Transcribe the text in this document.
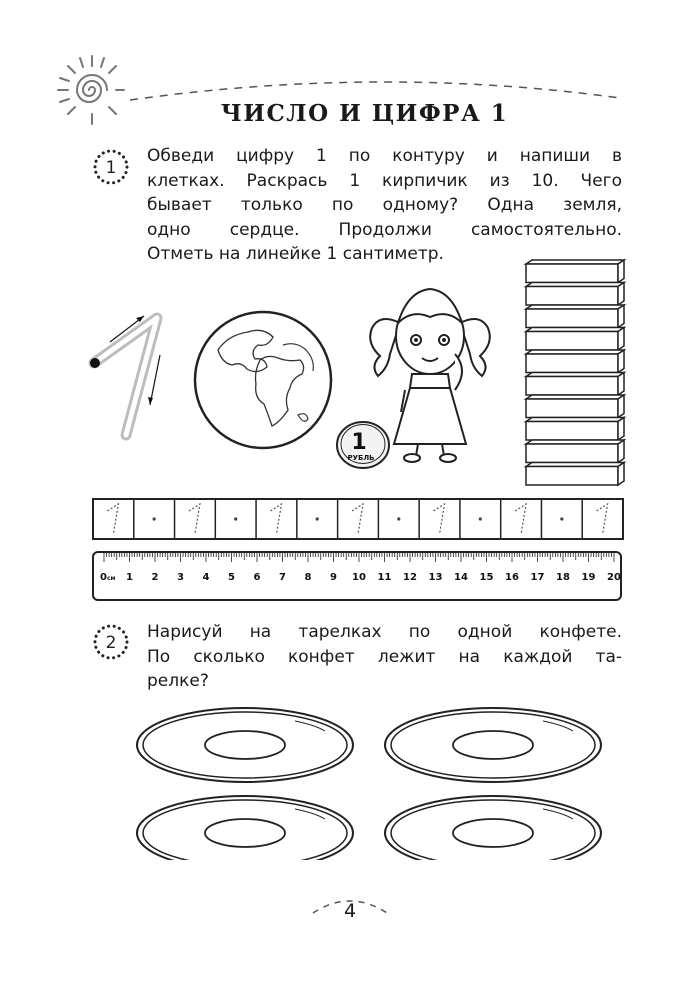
ЧИСЛО И ЦИФРА 1
1
Обведи цифру 1 по контуру и напиши в
клетках. Раскрась 1 кирпичик из 10. Чего
бывает только по одному? Одна земля,
одно сердце. Продолжи самостоятельно.
Отметь на линейке 1 сантиметр.
1
РУБЛЬ
0 см 1 2 3 4 5 6 7 8 9 10 11 12 13 14 15 16 17 18 19 20
2
Нарисуй на тарелках по одной конфете.
По сколько конфет лежит на каждой та-
релке?
4
